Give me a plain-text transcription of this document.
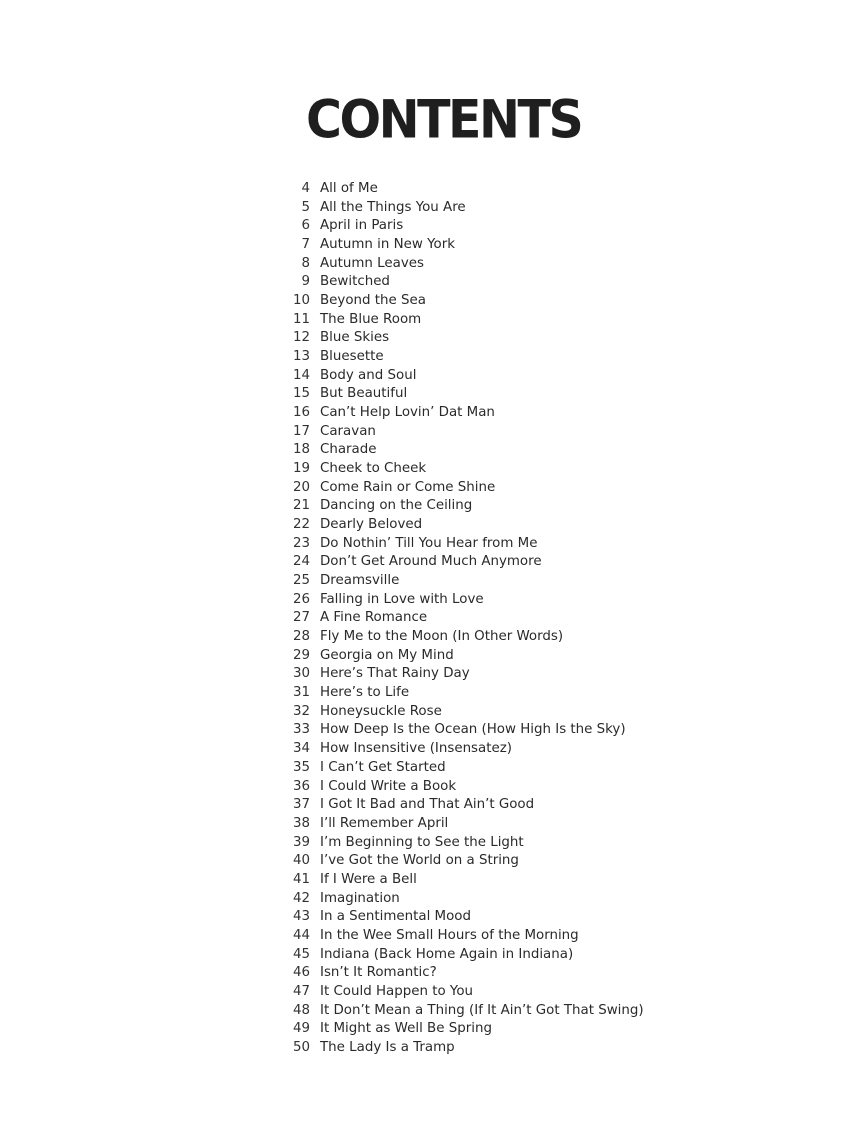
CONTENTS
4 All of Me
5 All the Things You Are
6 April in Paris
7 Autumn in New York
8 Autumn Leaves
9 Bewitched
10 Beyond the Sea
11 The Blue Room
12 Blue Skies
13 Bluesette
14 Body and Soul
15 But Beautiful
16 Can’t Help Lovin’ Dat Man
17 Caravan
18 Charade
19 Cheek to Cheek
20 Come Rain or Come Shine
21 Dancing on the Ceiling
22 Dearly Beloved
23 Do Nothin’ Till You Hear from Me
24 Don’t Get Around Much Anymore
25 Dreamsville
26 Falling in Love with Love
27 A Fine Romance
28 Fly Me to the Moon (In Other Words)
29 Georgia on My Mind
30 Here’s That Rainy Day
31 Here’s to Life
32 Honeysuckle Rose
33 How Deep Is the Ocean (How High Is the Sky)
34 How Insensitive (Insensatez)
35 I Can’t Get Started
36 I Could Write a Book
37 I Got It Bad and That Ain’t Good
38 I’ll Remember April
39 I’m Beginning to See the Light
40 I’ve Got the World on a String
41 If I Were a Bell
42 Imagination
43 In a Sentimental Mood
44 In the Wee Small Hours of the Morning
45 Indiana (Back Home Again in Indiana)
46 Isn’t It Romantic?
47 It Could Happen to You
48 It Don’t Mean a Thing (If It Ain’t Got That Swing)
49 It Might as Well Be Spring
50 The Lady Is a Tramp
